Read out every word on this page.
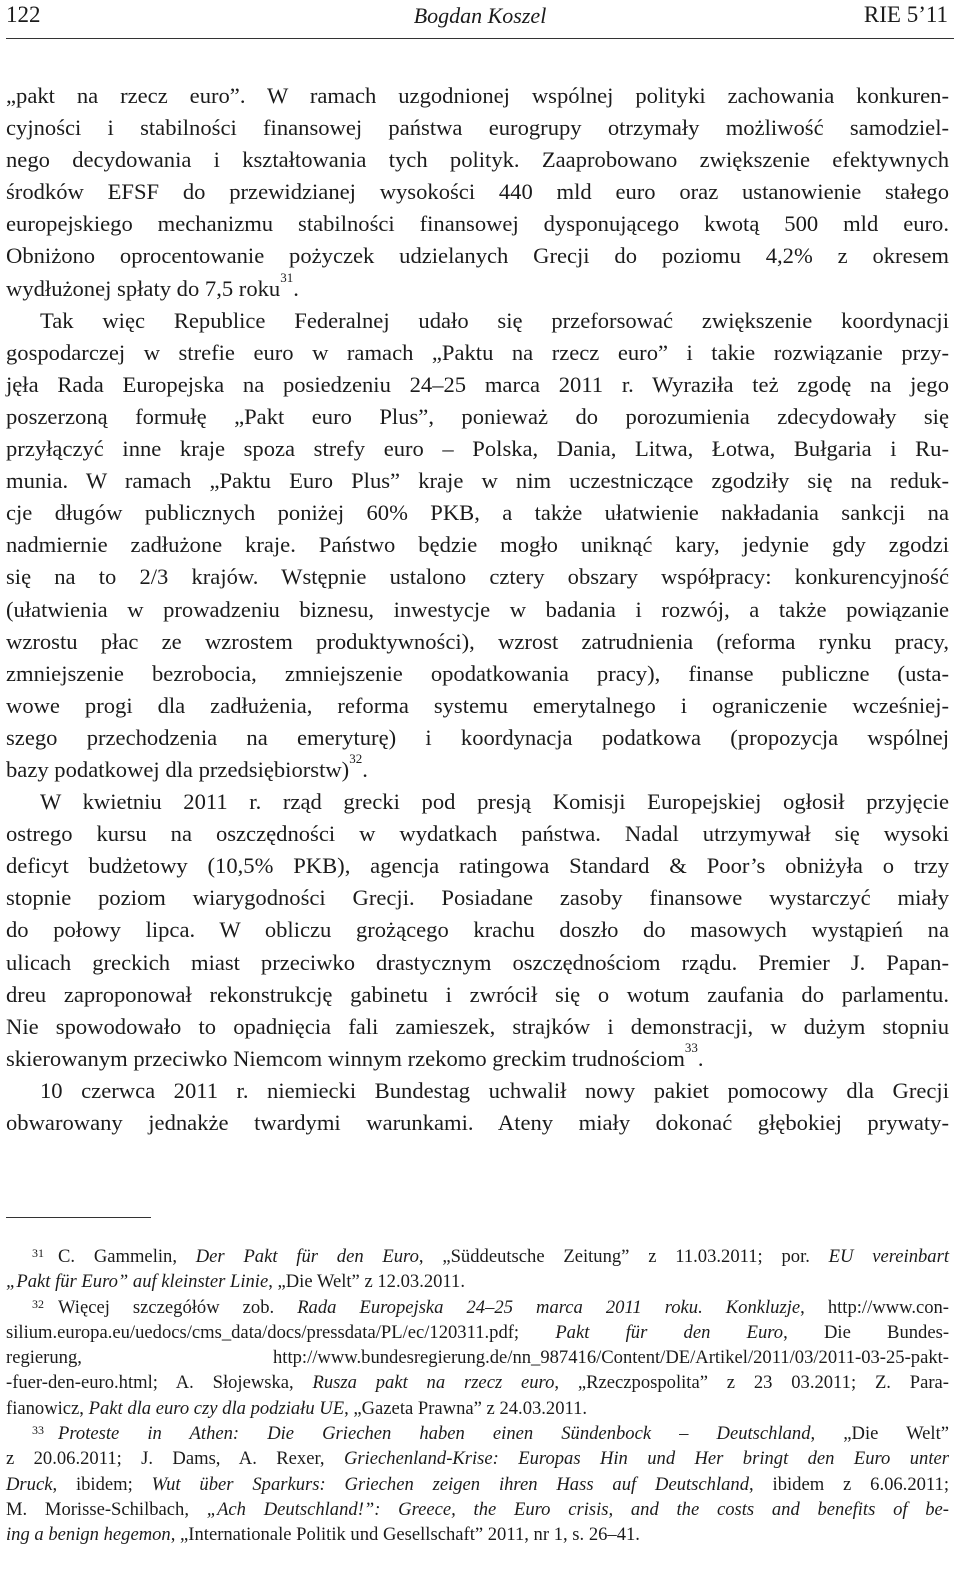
122	Bogdan Koszel	RIE 5’11
„pakt na rzecz euro”. W ramach uzgodnionej wspólnej polityki zachowania konkuren-
cyjności i stabilności finansowej państwa eurogrupy otrzymały możliwość samodziel-
nego decydowania i kształtowania tych polityk. Zaaprobowano zwiększenie efektywnych
środków EFSF do przewidzianej wysokości 440 mld euro oraz ustanowienie stałego
europejskiego mechanizmu stabilności finansowej dysponującego kwotą 500 mld euro.
Obniżono oprocentowanie pożyczek udzielanych Grecji do poziomu 4,2% z okresem
wydłużonej spłaty do 7,5 roku$^{31}$.
Tak więc Republice Federalnej udało się przeforsować zwiększenie koordynacji
gospodarczej w strefie euro w ramach „Paktu na rzecz euro” i takie rozwiązanie przy-
jęła Rada Europejska na posiedzeniu 24–25 marca 2011 r. Wyraziła też zgodę na jego
poszerzoną formułę „Pakt euro Plus”, ponieważ do porozumienia zdecydowały się
przyłączyć inne kraje spoza strefy euro – Polska, Dania, Litwa, Łotwa, Bułgaria i Ru-
munia. W ramach „Paktu Euro Plus” kraje w nim uczestniczące zgodziły się na reduk-
cje długów publicznych poniżej 60% PKB, a także ułatwienie nakładania sankcji na
nadmiernie zadłużone kraje. Państwo będzie mogło uniknąć kary, jedynie gdy zgodzi
się na to 2/3 krajów. Wstępnie ustalono cztery obszary współpracy: konkurencyjność
(ułatwienia w prowadzeniu biznesu, inwestycje w badania i rozwój, a także powiązanie
wzrostu płac ze wzrostem produktywności), wzrost zatrudnienia (reforma rynku pracy,
zmniejszenie bezrobocia, zmniejszenie opodatkowania pracy), finanse publiczne (usta-
wowe progi dla zadłużenia, reforma systemu emerytalnego i ograniczenie wcześniej-
szego przechodzenia na emeryturę) i koordynacja podatkowa (propozycja wspólnej
bazy podatkowej dla przedsiębiorstw)$^{32}$.
W kwietniu 2011 r. rząd grecki pod presją Komisji Europejskiej ogłosił przyjęcie
ostrego kursu na oszczędności w wydatkach państwa. Nadal utrzymywał się wysoki
deficyt budżetowy (10,5% PKB), agencja ratingowa Standard & Poor’s obniżyła o trzy
stopnie poziom wiarygodności Grecji. Posiadane zasoby finansowe wystarczyć miały
do połowy lipca. W obliczu grożącego krachu doszło do masowych wystąpień na
ulicach greckich miast przeciwko drastycznym oszczędnościom rządu. Premier J. Papan-
dreu zaproponował rekonstrukcję gabinetu i zwrócił się o wotum zaufania do parlamentu.
Nie spowodowało to opadnięcia fali zamieszek, strajków i demonstracji, w dużym stopniu
skierowanym przeciwko Niemcom winnym rzekomo greckim trudnościom$^{33}$.
10 czerwca 2011 r. niemiecki Bundestag uchwalił nowy pakiet pomocowy dla Grecji
obwarowany jednakże twardymi warunkami. Ateny miały dokonać głębokiej prywaty-
$^{31}$ C. Gammelin, Der Pakt für den Euro, „Süddeutsche Zeitung” z 11.03.2011; por. EU vereinbart
„Pakt für Euro” auf kleinster Linie, „Die Welt” z 12.03.2011.
$^{32}$ Więcej szczegółów zob. Rada Europejska 24–25 marca 2011 roku. Konkluzje, http://www.con-
silium.europa.eu/uedocs/cms_data/docs/pressdata/PL/ec/120311.pdf; Pakt für den Euro, Die Bundes-
regierung, http://www.bundesregierung.de/nn_987416/Content/DE/Artikel/2011/03/2011-03-25-pakt-
-fuer-den-euro.html; A. Słojewska, Rusza pakt na rzecz euro, „Rzeczpospolita” z 23 03.2011; Z. Para-
fianowicz, Pakt dla euro czy dla podziału UE, „Gazeta Prawna” z 24.03.2011.
$^{33}$ Proteste in Athen: Die Griechen haben einen Sündenbock – Deutschland, „Die Welt”
z 20.06.2011; J. Dams, A. Rexer, Griechenland-Krise: Europas Hin und Her bringt den Euro unter
Druck, ibidem; Wut über Sparkurs: Griechen zeigen ihren Hass auf Deutschland, ibidem z 6.06.2011;
M. Morisse-Schilbach, „Ach Deutschland!”: Greece, the Euro crisis, and the costs and benefits of be-
ing a benign hegemon, „Internationale Politik und Gesellschaft” 2011, nr 1, s. 26–41.
